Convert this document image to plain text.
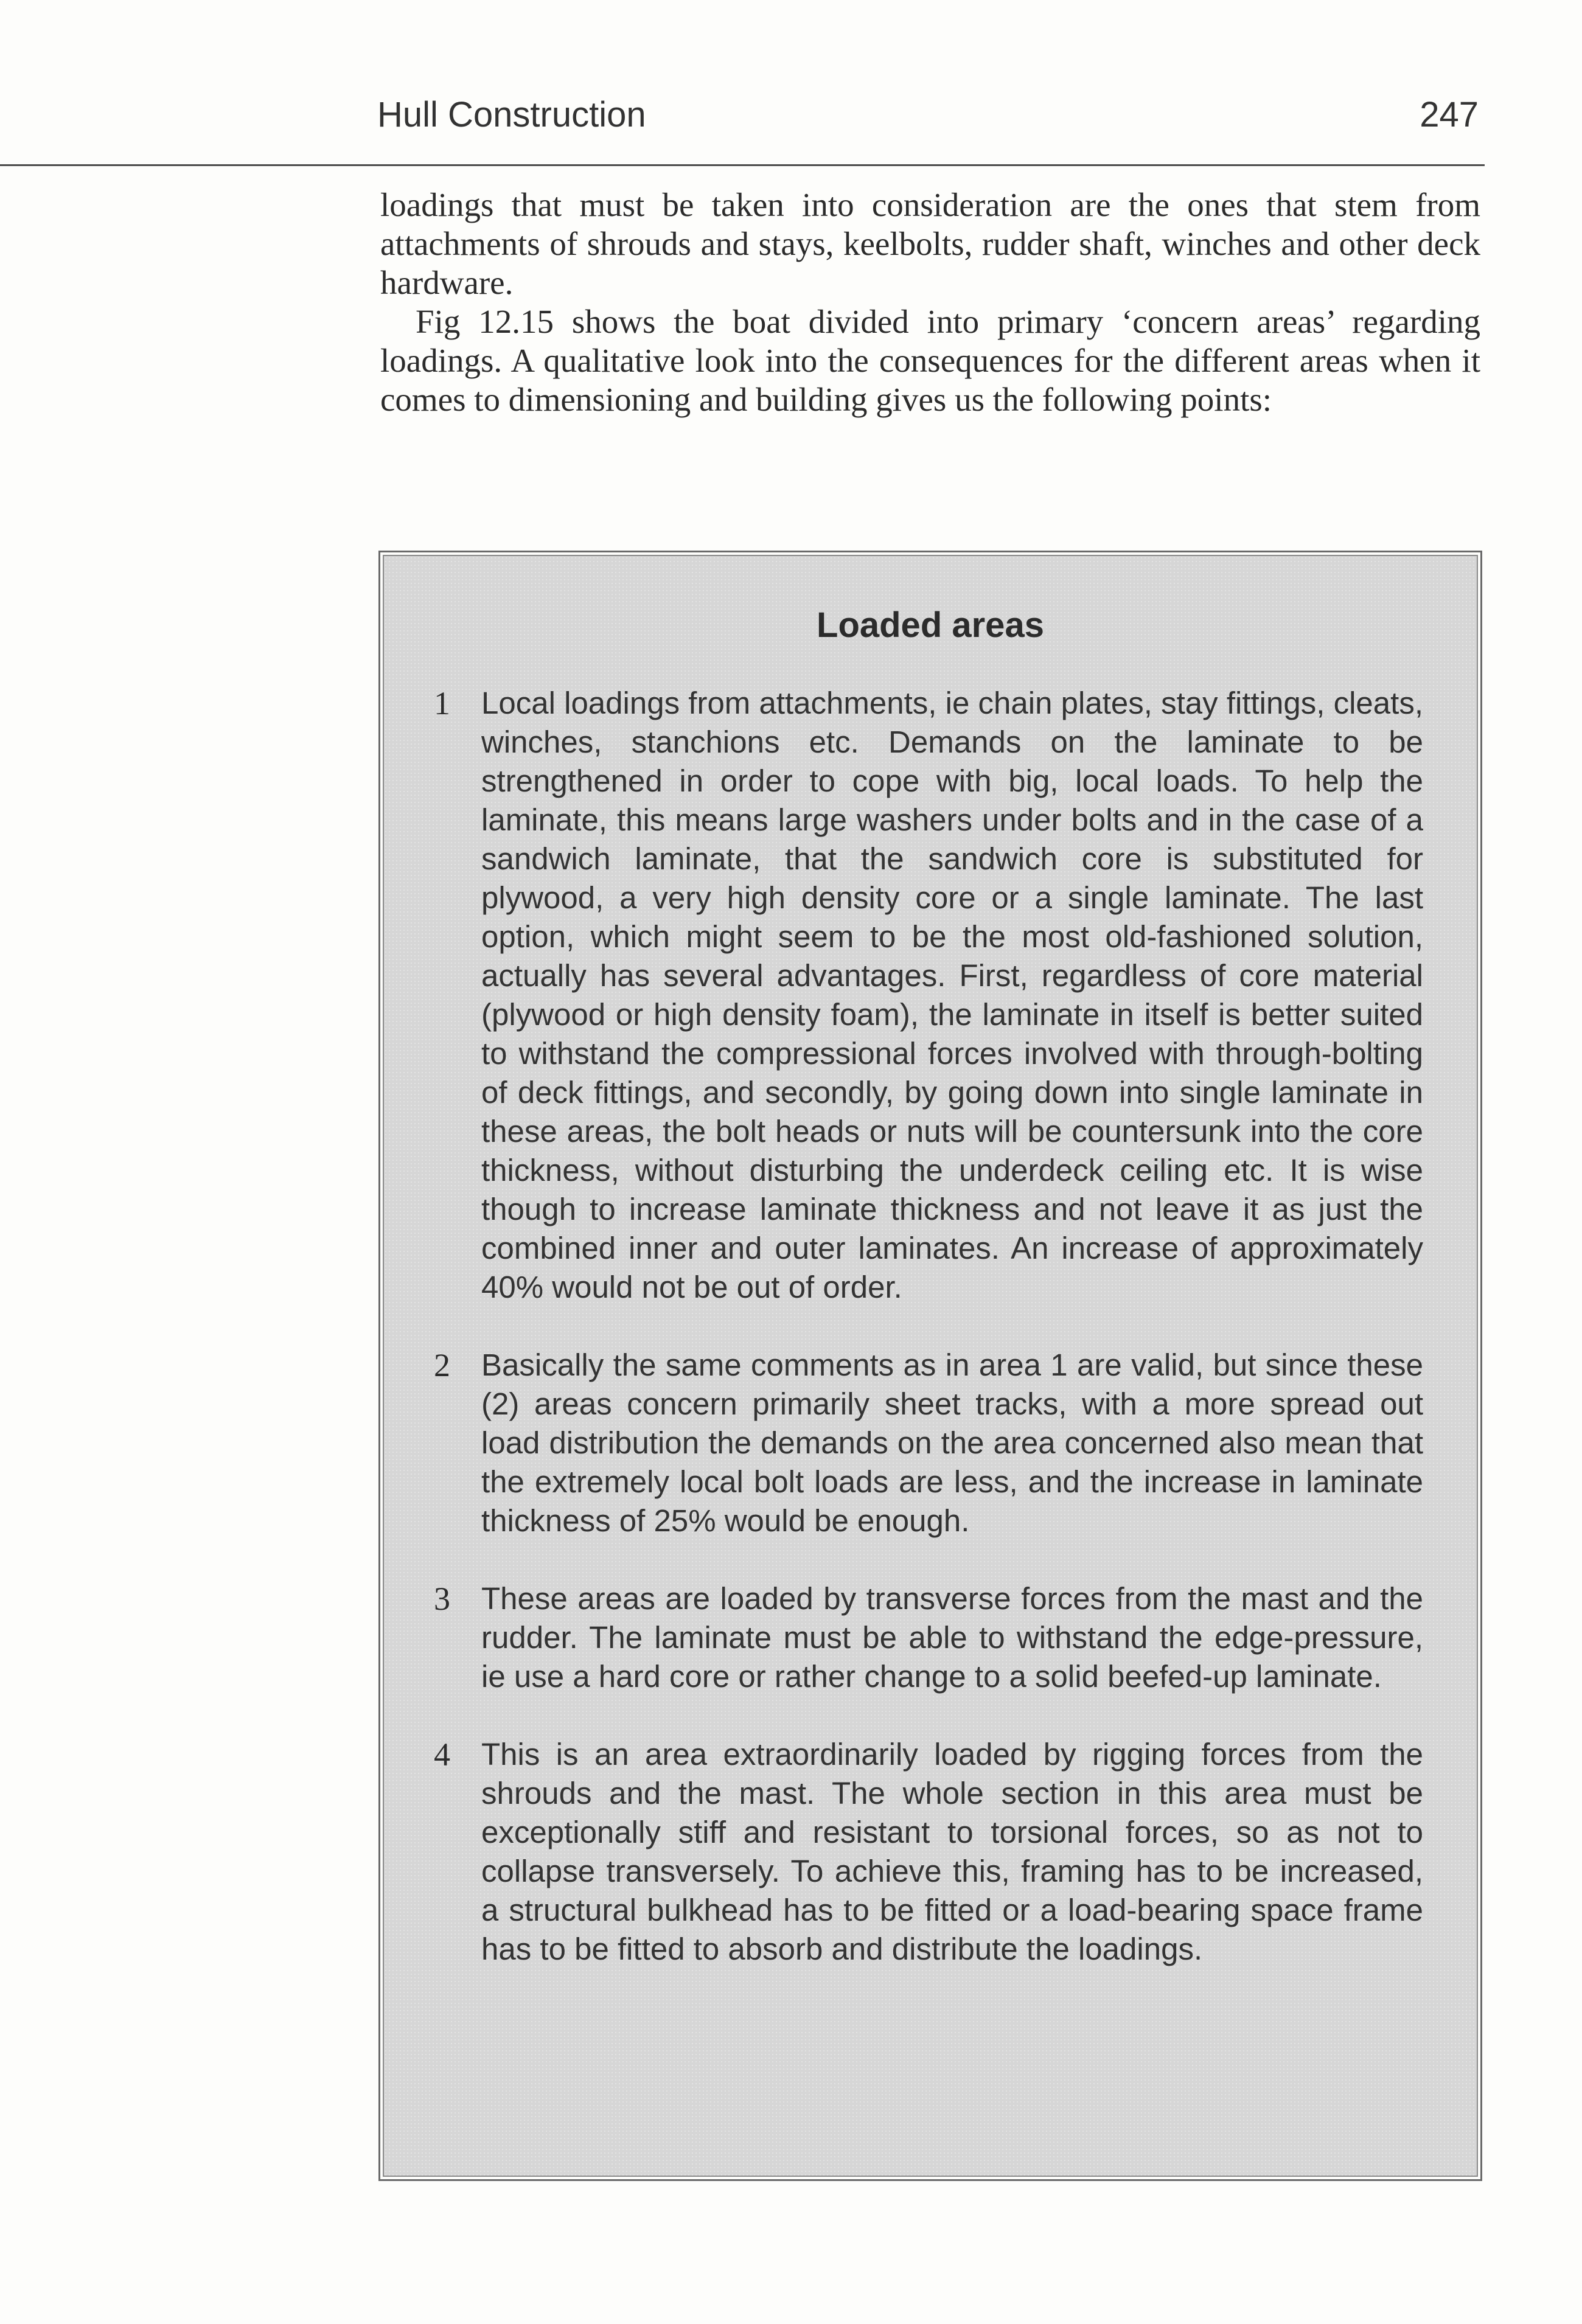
Hull Construction	247

loadings that must be taken into consideration are the ones that stem from attachments of shrouds and stays, keelbolts, rudder shaft, winches and other deck hardware.

Fig 12.15 shows the boat divided into primary ‘concern areas’ regarding loadings. A qualitative look into the consequences for the different areas when it comes to dimensioning and building gives us the following points:

Loaded areas
1 Local loadings from attachments, ie chain plates, stay fittings, cleats, winches, stanchions etc. Demands on the laminate to be strengthened in order to cope with big, local loads. To help the laminate, this means large washers under bolts and in the case of a sandwich laminate, that the sandwich core is substituted for plywood, a very high density core or a single laminate. The last option, which might seem to be the most old-fashioned solution, actually has several advantages. First, regardless of core material (plywood or high density foam), the laminate in itself is better suited to withstand the compressional forces involved with through-bolting of deck fittings, and secondly, by going down into single laminate in these areas, the bolt heads or nuts will be countersunk into the core thickness, without disturbing the underdeck ceiling etc. It is wise though to increase laminate thickness and not leave it as just the combined inner and outer laminates. An increase of approximately 40% would not be out of order.
2 Basically the same comments as in area 1 are valid, but since these (2) areas concern primarily sheet tracks, with a more spread out load distribution the demands on the area concerned also mean that the extremely local bolt loads are less, and the increase in laminate thickness of 25% would be enough.
3 These areas are loaded by transverse forces from the mast and the rudder. The laminate must be able to withstand the edge-pressure, ie use a hard core or rather change to a solid beefed-up laminate.
4 This is an area extraordinarily loaded by rigging forces from the shrouds and the mast. The whole section in this area must be exceptionally stiff and resistant to torsional forces, so as not to collapse transversely. To achieve this, framing has to be increased, a structural bulkhead has to be fitted or a load-bearing space frame has to be fitted to absorb and distribute the loadings.
